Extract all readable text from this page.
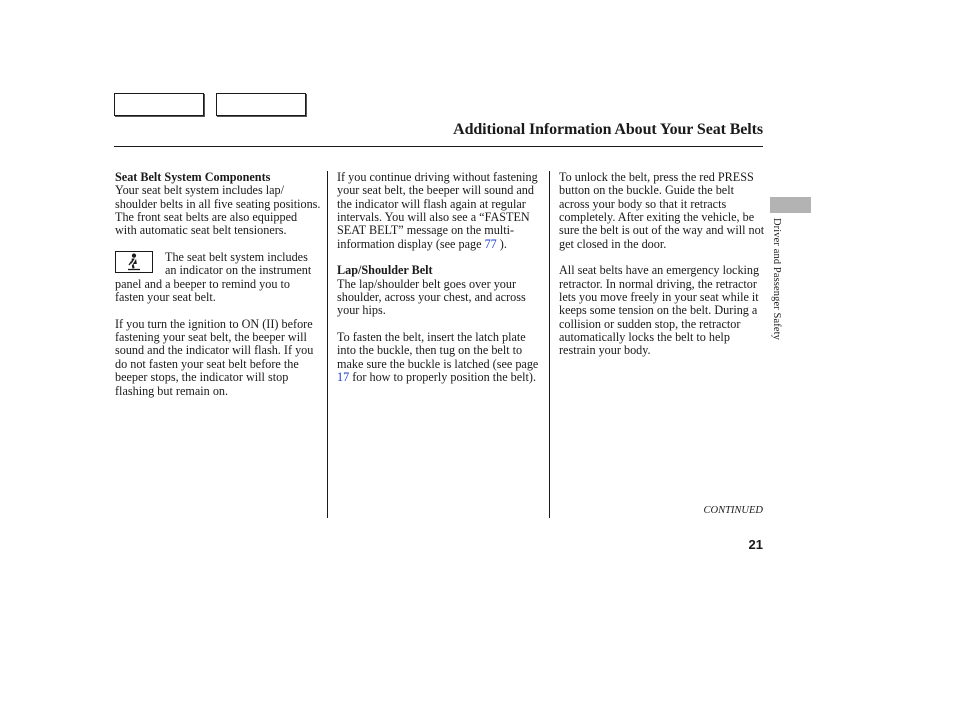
Additional Information About Your Seat Belts
Seat Belt System Components

Your seat belt system includes lap/ shoulder belts in all five seating positions. The front seat belts are also equipped with automatic seat belt tensioners.

The seat belt system includes an indicator on the instrument panel and a beeper to remind you to fasten your seat belt.

If you turn the ignition to ON (II) before fastening your seat belt, the beeper will sound and the indicator will flash. If you do not fasten your seat belt before the beeper stops, the indicator will stop flashing but remain on.

If you continue driving without fastening your seat belt, the beeper will sound and the indicator will flash again at regular intervals. You will also see a “FASTEN SEAT BELT” message on the multi-information display (see page 77 ).

Lap/Shoulder Belt

The lap/shoulder belt goes over your shoulder, across your chest, and across your hips.

To fasten the belt, insert the latch plate into the buckle, then tug on the belt to make sure the buckle is latched (see page 17 for how to properly position the belt).

To unlock the belt, press the red PRESS button on the buckle. Guide the belt across your body so that it retracts completely. After exiting the vehicle, be sure the belt is out of the way and will not get closed in the door.

All seat belts have an emergency locking retractor. In normal driving, the retractor lets you move freely in your seat while it keeps some tension on the belt. During a collision or sudden stop, the retractor automatically locks the belt to help restrain your body.

CONTINUED
21
Driver and Passenger Safety
